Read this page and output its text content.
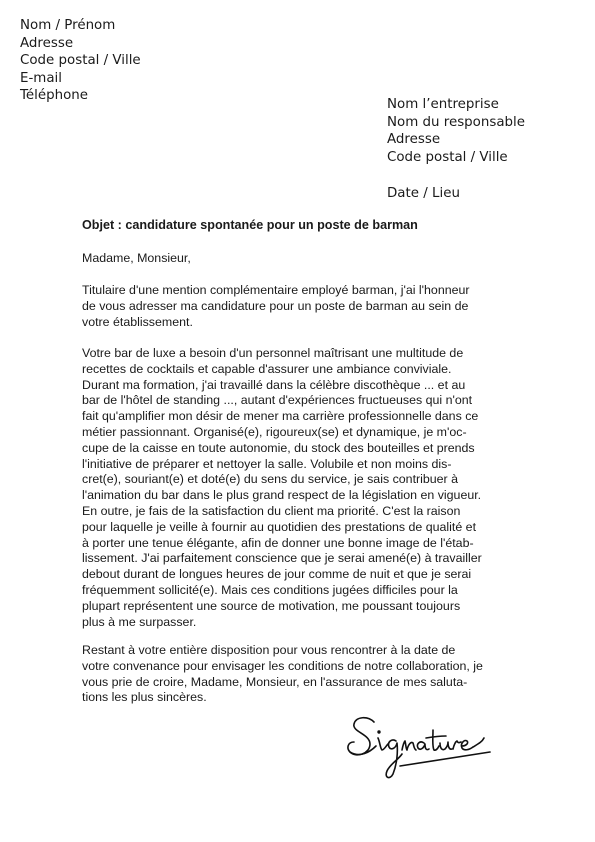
Nom / Prénom
Adresse
Code postal / Ville
E-mail
Téléphone
Nom l’entreprise
Nom du responsable
Adresse
Code postal / Ville
Date / Lieu
Objet : candidature spontanée pour un poste de barman
Madame, Monsieur,
Titulaire d'une mention complémentaire employé barman, j'ai l'honneur
de vous adresser ma candidature pour un poste de barman au sein de
votre établissement.
Votre bar de luxe a besoin d'un personnel maîtrisant une multitude de
recettes de cocktails et capable d'assurer une ambiance conviviale.
Durant ma formation, j'ai travaillé dans la célèbre discothèque ... et au
bar de l'hôtel de standing ..., autant d'expériences fructueuses qui n'ont
fait qu'amplifier mon désir de mener ma carrière professionnelle dans ce
métier passionnant. Organisé(e), rigoureux(se) et dynamique, je m'oc-
cupe de la caisse en toute autonomie, du stock des bouteilles et prends
l'initiative de préparer et nettoyer la salle. Volubile et non moins dis-
cret(e), souriant(e) et doté(e) du sens du service, je sais contribuer à
l'animation du bar dans le plus grand respect de la législation en vigueur.
En outre, je fais de la satisfaction du client ma priorité. C'est la raison
pour laquelle je veille à fournir au quotidien des prestations de qualité et
à porter une tenue élégante, afin de donner une bonne image de l'étab-
lissement. J'ai parfaitement conscience que je serai amené(e) à travailler
debout durant de longues heures de jour comme de nuit et que je serai
fréquemment sollicité(e). Mais ces conditions jugées difficiles pour la
plupart représentent une source de motivation, me poussant toujours
plus à me surpasser.
Restant à votre entière disposition pour vous rencontrer à la date de
votre convenance pour envisager les conditions de notre collaboration, je
vous prie de croire, Madame, Monsieur, en l'assurance de mes saluta-
tions les plus sincères.
